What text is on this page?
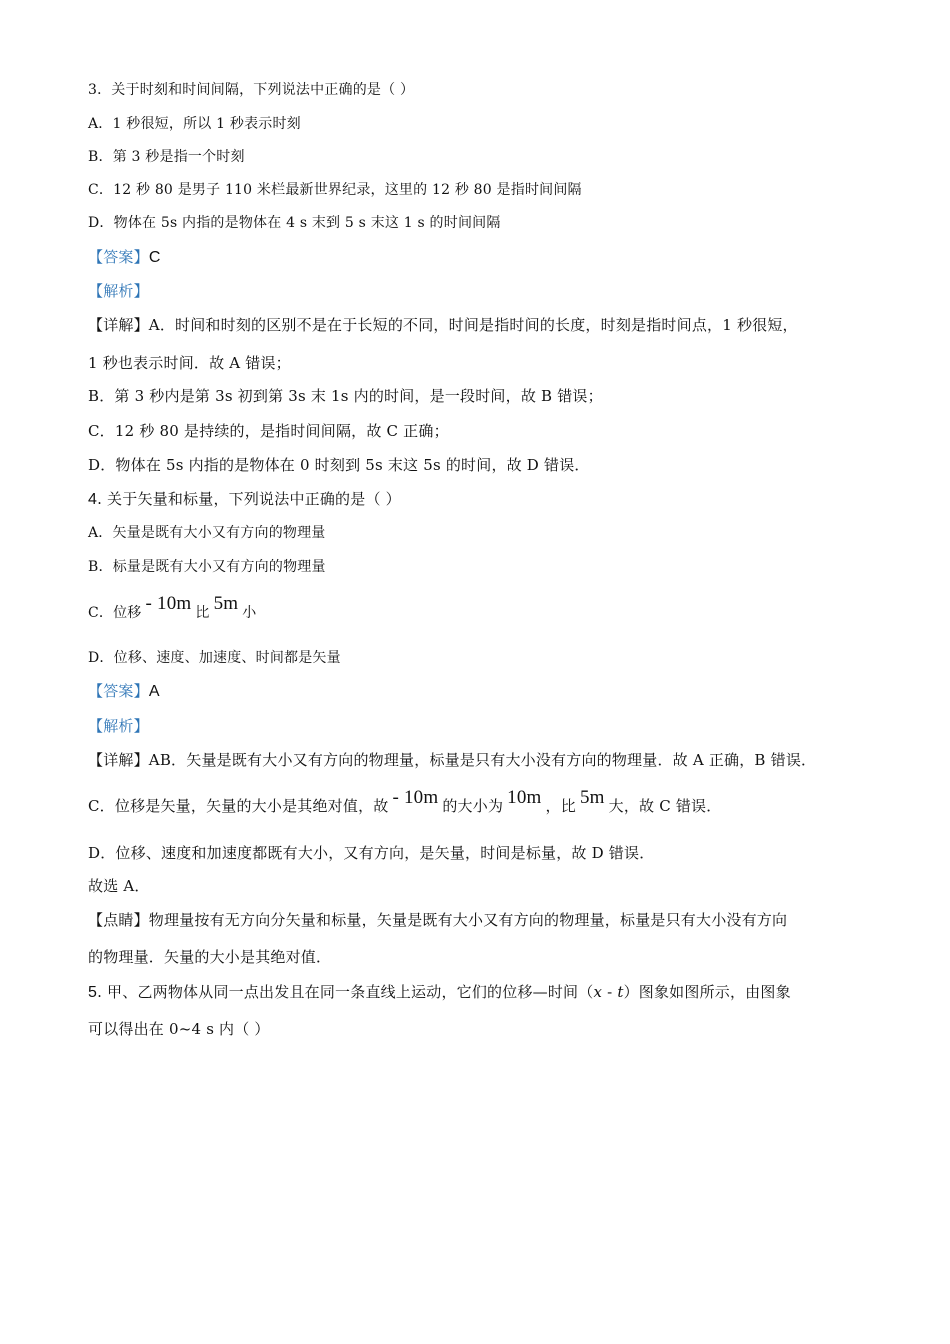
3．关于时刻和时间间隔，下列说法中正确的是（ ）
A．1 秒很短，所以 1 秒表示时刻
B．第 3 秒是指一个时刻
C．12 秒 80 是男子 110 米栏最新世界纪录，这里的 12 秒 80 是指时间间隔
D．物体在 5s 内指的是物体在 4 s 末到 5 s 末这 1 s 的时间间隔
【答案】C
【解析】
【详解】A．时间和时刻的区别不是在于长短的不同，时间是指时间的长度，时刻是指时间点，1 秒很短，
1 秒也表示时间．故 A 错误；
B．第 3 秒内是第 3s 初到第 3s 末 1s 内的时间，是一段时间，故 B 错误；
C．12 秒 80 是持续的，是指时间间隔，故 C 正确；
D．物体在 5s 内指的是物体在 0 时刻到 5s 末这 5s 的时间，故 D 错误．
4. 关于矢量和标量，下列说法中正确的是（ ）
A．矢量是既有大小又有方向的物理量
B．标量是既有大小又有方向的物理量
C．位移 - 10m 比 5m 小
D．位移、速度、加速度、时间都是矢量
【答案】A
【解析】
【详解】AB．矢量是既有大小又有方向的物理量，标量是只有大小没有方向的物理量．故 A 正确，B 错误．
C．位移是矢量，矢量的大小是其绝对值，故 - 10m 的大小为 10m ，比 5m 大，故 C 错误．
D．位移、速度和加速度都既有大小，又有方向，是矢量，时间是标量，故 D 错误．
故选 A．
【点睛】物理量按有无方向分矢量和标量，矢量是既有大小又有方向的物理量，标量是只有大小没有方向
的物理量．矢量的大小是其绝对值．
5. 甲、乙两物体从同一点出发且在同一条直线上运动，它们的位移—时间（x - t）图象如图所示，由图象
可以得出在 0~4 s 内（ ）
